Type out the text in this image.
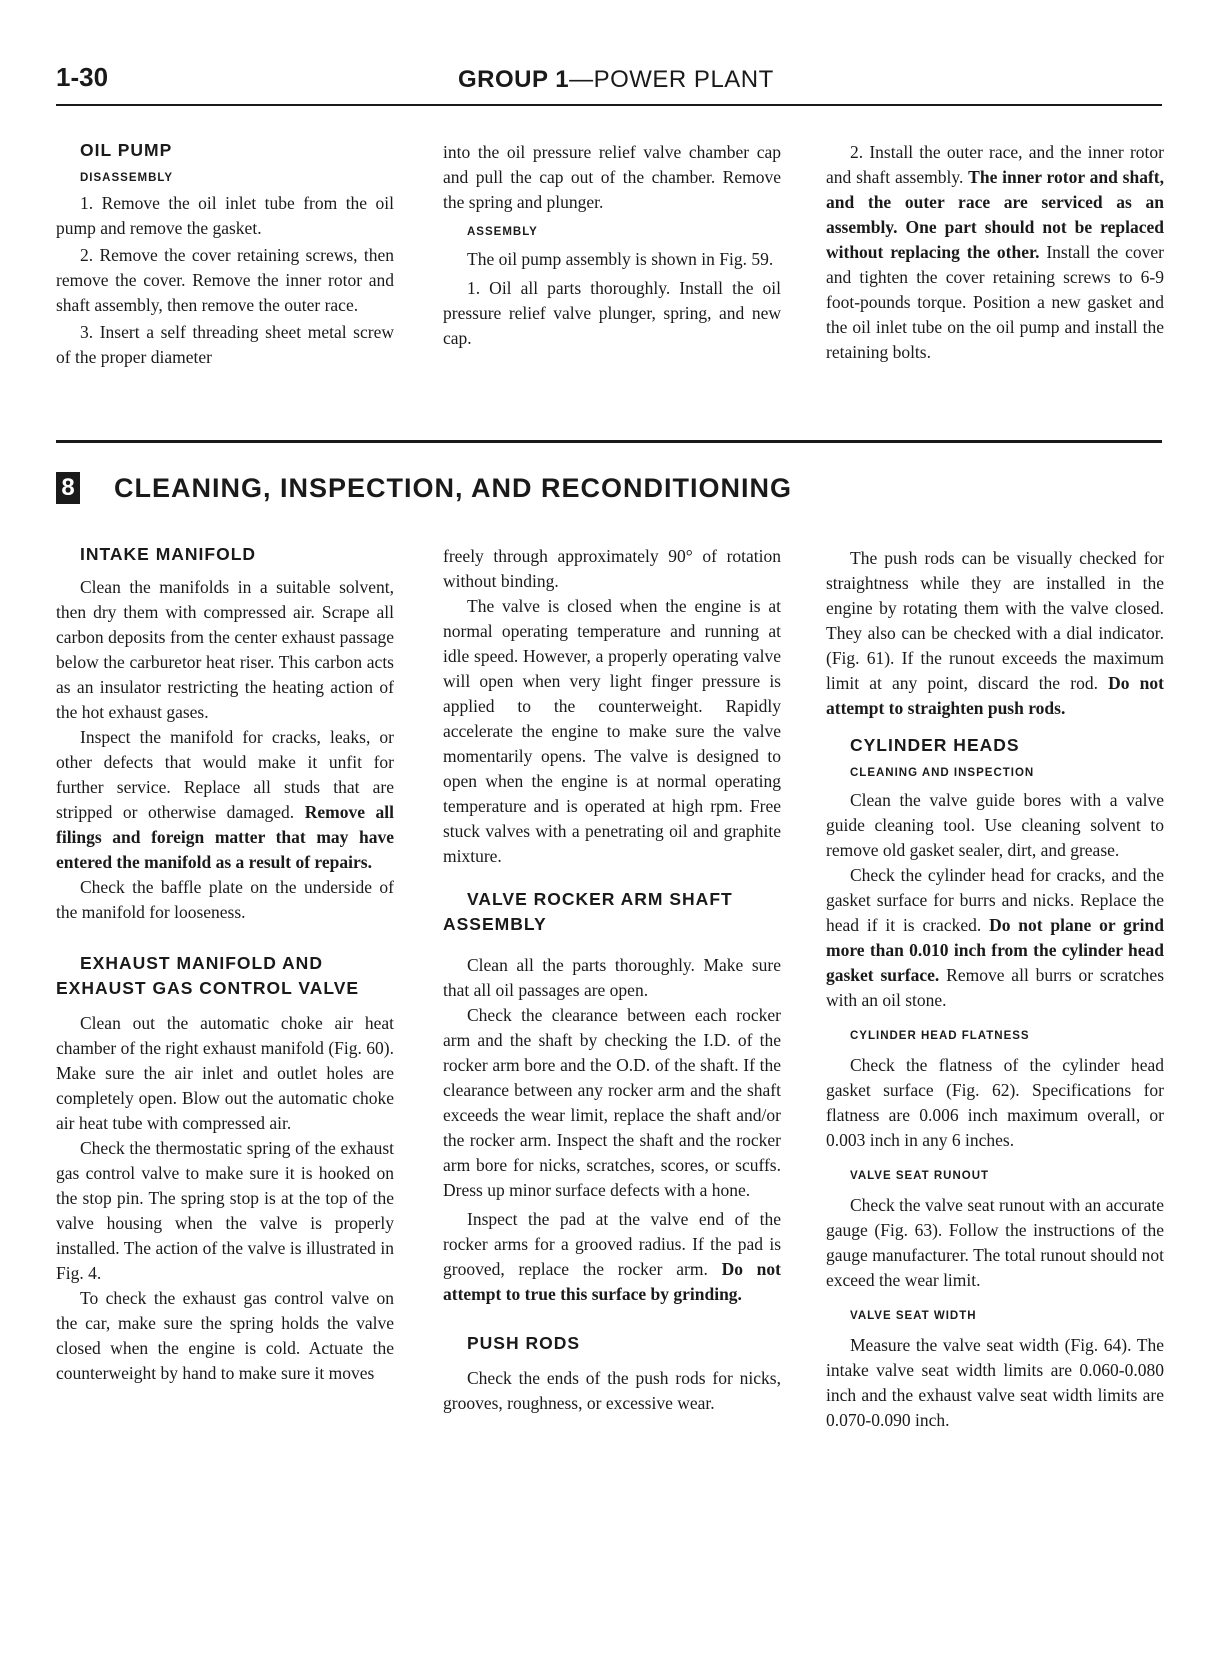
1-30	GROUP 1—POWER PLANT

OIL PUMP

DISASSEMBLY

1. Remove the oil inlet tube from the oil pump and remove the gasket.

2. Remove the cover retaining screws, then remove the cover. Remove the inner rotor and shaft assembly, then remove the outer race.

3. Insert a self threading sheet metal screw of the proper diameter

into the oil pressure relief valve chamber cap and pull the cap out of the chamber. Remove the spring and plunger.

ASSEMBLY

The oil pump assembly is shown in Fig. 59.

1. Oil all parts thoroughly. Install the oil pressure relief valve plunger, spring, and new cap.

2. Install the outer race, and the inner rotor and shaft assembly. The inner rotor and shaft, and the outer race are serviced as an assembly. One part should not be replaced without replacing the other. Install the cover and tighten the cover retaining screws to 6-9 foot-pounds torque. Position a new gasket and the oil inlet tube on the oil pump and install the retaining bolts.

8 CLEANING, INSPECTION, AND RECONDITIONING

INTAKE MANIFOLD

Clean the manifolds in a suitable solvent, then dry them with compressed air. Scrape all carbon deposits from the center exhaust passage below the carburetor heat riser. This carbon acts as an insulator restricting the heating action of the hot exhaust gases.

Inspect the manifold for cracks, leaks, or other defects that would make it unfit for further service. Replace all studs that are stripped or otherwise damaged. Remove all filings and foreign matter that may have entered the manifold as a result of repairs.

Check the baffle plate on the underside of the manifold for looseness.

EXHAUST MANIFOLD AND EXHAUST GAS CONTROL VALVE

Clean out the automatic choke air heat chamber of the right exhaust manifold (Fig. 60). Make sure the air inlet and outlet holes are completely open. Blow out the automatic choke air heat tube with compressed air.

Check the thermostatic spring of the exhaust gas control valve to make sure it is hooked on the stop pin. The spring stop is at the top of the valve housing when the valve is properly installed. The action of the valve is illustrated in Fig. 4.

To check the exhaust gas control valve on the car, make sure the spring holds the valve closed when the engine is cold. Actuate the counterweight by hand to make sure it moves

freely through approximately 90° of rotation without binding.

The valve is closed when the engine is at normal operating temperature and running at idle speed. However, a properly operating valve will open when very light finger pressure is applied to the counterweight. Rapidly accelerate the engine to make sure the valve momentarily opens. The valve is designed to open when the engine is at normal operating temperature and is operated at high rpm. Free stuck valves with a penetrating oil and graphite mixture.

VALVE ROCKER ARM SHAFT ASSEMBLY

Clean all the parts thoroughly. Make sure that all oil passages are open.

Check the clearance between each rocker arm and the shaft by checking the I.D. of the rocker arm bore and the O.D. of the shaft. If the clearance between any rocker arm and the shaft exceeds the wear limit, replace the shaft and/or the rocker arm. Inspect the shaft and the rocker arm bore for nicks, scratches, scores, or scuffs. Dress up minor surface defects with a hone.

Inspect the pad at the valve end of the rocker arms for a grooved radius. If the pad is grooved, replace the rocker arm. Do not attempt to true this surface by grinding.

PUSH RODS

Check the ends of the push rods for nicks, grooves, roughness, or excessive wear.

The push rods can be visually checked for straightness while they are installed in the engine by rotating them with the valve closed. They also can be checked with a dial indicator. (Fig. 61). If the runout exceeds the maximum limit at any point, discard the rod. Do not attempt to straighten push rods.

CYLINDER HEADS

CLEANING AND INSPECTION

Clean the valve guide bores with a valve guide cleaning tool. Use cleaning solvent to remove old gasket sealer, dirt, and grease.

Check the cylinder head for cracks, and the gasket surface for burrs and nicks. Replace the head if it is cracked. Do not plane or grind more than 0.010 inch from the cylinder head gasket surface. Remove all burrs or scratches with an oil stone.

CYLINDER HEAD FLATNESS

Check the flatness of the cylinder head gasket surface (Fig. 62). Specifications for flatness are 0.006 inch maximum overall, or 0.003 inch in any 6 inches.

VALVE SEAT RUNOUT

Check the valve seat runout with an accurate gauge (Fig. 63). Follow the instructions of the gauge manufacturer. The total runout should not exceed the wear limit.

VALVE SEAT WIDTH

Measure the valve seat width (Fig. 64). The intake valve seat width limits are 0.060-0.080 inch and the exhaust valve seat width limits are 0.070-0.090 inch.
